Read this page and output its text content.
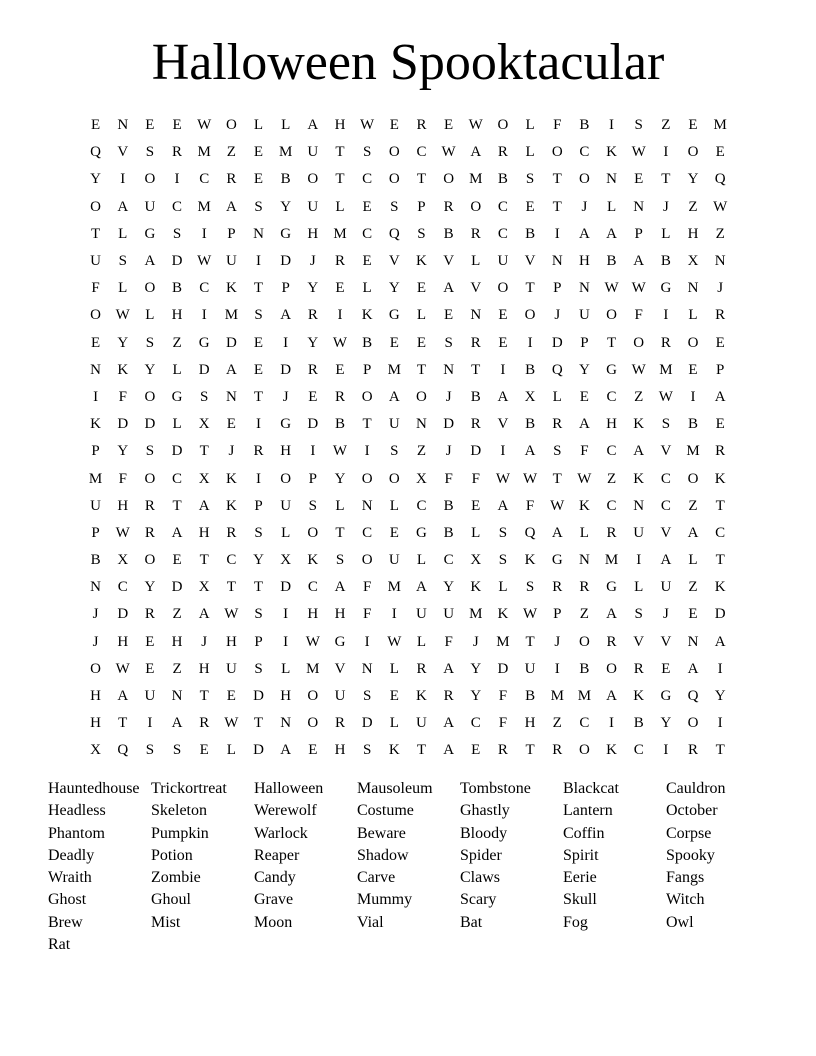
Halloween Spooktacular
E	N	E	E	W O	L	L	A	H W	E	R	E	W O	L	F	B	I	S	Z	E	M
Q	V	S	R	M	Z	E	M	U	T	S	O	C	W A	R	L	O	C	K W	I	O	E
Y	I	O	I	C	R	E	B	O	T	C	O	T	O	M	B	S	T	O	N	E	T	Y	Q
O	A	U	C	M	A	S	Y	U	L	E	S	P	R	O	C	E	T	J	L	N	J	Z	W
T	L	G	S	I	P	N	G	H	M	C	Q	S	B	R	C	B	I	A	A	P	L	H	Z
U	S	A	D W U	I	D	J	R	E	V	K	V	L	U	V	N	H	B	A	B	X	N
F	L	O	B	C	K	T	P	Y	E	L	Y	E	A	V	O	T	P	N W W G	N	J
O W	L	H	I	M	S	A	R	I	K	G	L	E	N	E	O	J	U	O	F	I	L	R
E	Y	S	Z	G	D	E	I	Y W	B	E	E	S	R	E	I	D	P	T	O	R	O	E
N	K	Y	L	D	A	E	D	R	E	P	M	T	N	T	I	B	Q	Y	G W M	E	P
I	F	O	G	S	N	T	J	E	R	O	A	O	J	B	A	X	L	E	C	Z	W	I	A
K	D	D	L	X	E	I	G	D	B	T	U	N	D	R	V	B	R	A	H	K	S	B	E
P	Y	S	D	T	J	R	H	I	W	I	S	Z	J	D	I	A	S	F	C	A	V	M	R
M	F	O	C	X	K	I	O	P	Y	O	O	X	F	F	W W	T	W	Z	K	C	O	K
U	H	R	T	A	K	P	U	S	L	N	L	C	B	E	A	F	W K	C	N	C	Z	T
P	W	R	A	H	R	S	L	O	T	C	E	G	B	L	S	Q	A	L	R	U	V	A	C
B	X	O	E	T	C	Y	X	K	S	O	U	L	C	X	S	K	G	N	M	I	A	L	T
N	C	Y	D	X	T	T	D	C	A	F	M	A	Y	K	L	S	R	R	G	L	U	Z	K
J	D	R	Z	A W	S	I	H	H	F	I	U	U	M	K W	P	Z	A	S	J	E	D
J	H	E	H	J	H	P	I	W G	I	W	L	F	J	M	T	J	O	R	V	V	N	A
O W	E	Z	H	U	S	L	M	V	N	L	R	A	Y	D	U	I	B	O	R	E	A	I
H	A	U	N	T	E	D	H	O	U	S	E	K	R	Y	F	B	M M	A	K	G	Q	Y
H	T	I	A	R	W	T	N	O	R	D	L	U	A	C	F	H	Z	C	I	B	Y	O	I
X	Q	S	S	E	L	D	A	E	H	S	K	T	A	E	R	T	R	O	K	C	I	R	T
Hauntedhouse Trickortreat	Halloween	Mausoleum	Tombstone	Blackcat	Cauldron
Headless	Skeleton	Werewolf	Costume	Ghastly	Lantern	October
Phantom	Pumpkin	Warlock	Beware	Bloody	Coffin	Corpse
Deadly	Potion	Reaper	Shadow	Spider	Spirit	Spooky
Wraith	Zombie	Candy	Carve	Claws	Eerie	Fangs
Ghost	Ghoul	Grave	Mummy	Scary	Skull	Witch
Brew	Mist	Moon	Vial	Bat	Fog	Owl
Rat
